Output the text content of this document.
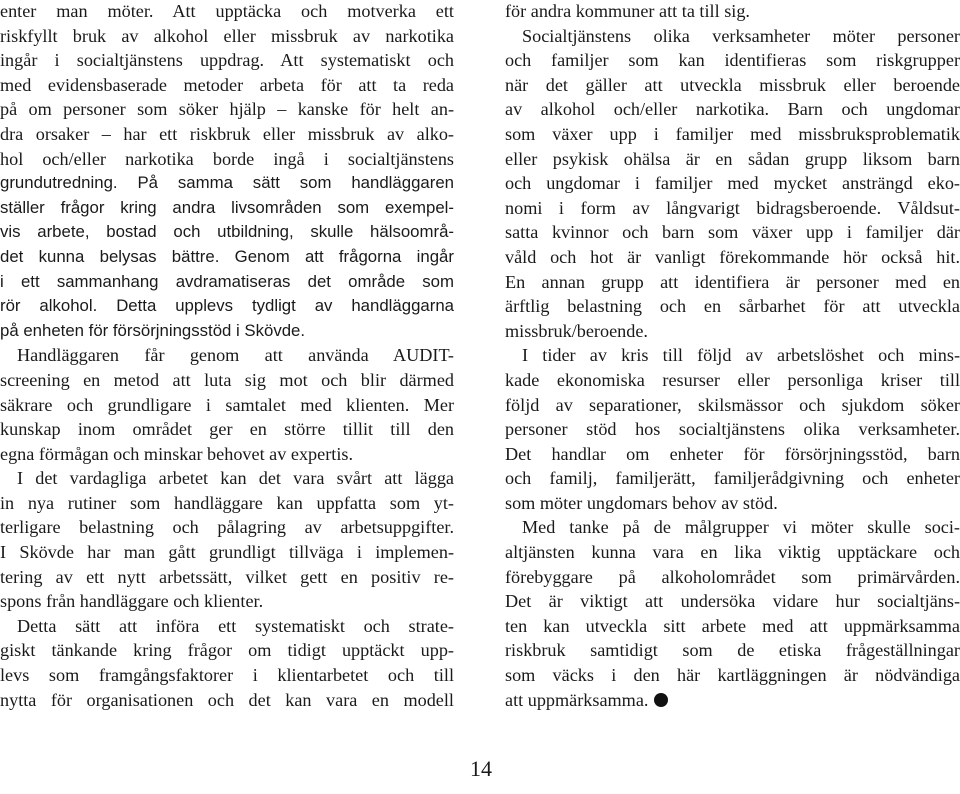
enter man möter. Att upptäcka och motverka ett
riskfyllt bruk av alkohol eller missbruk av narkotika
ingår i socialtjänstens uppdrag. Att systematiskt och
med evidensbaserade metoder arbeta för att ta reda
på om personer som söker hjälp – kanske för helt an-
dra orsaker – har ett riskbruk eller missbruk av alko-
hol och/eller narkotika borde ingå i socialtjänstens
grundutredning. På samma sätt som handläggaren
ställer frågor kring andra livsområden som exempel-
vis arbete, bostad och utbildning, skulle hälsoområ-
det kunna belysas bättre. Genom att frågorna ingår
i ett sammanhang avdramatiseras det område som
rör alkohol. Detta upplevs tydligt av handläggarna
på enheten för försörjningsstöd i Skövde.
Handläggaren får genom att använda AUDIT-
screening en metod att luta sig mot och blir därmed
säkrare och grundligare i samtalet med klienten. Mer
kunskap inom området ger en större tillit till den
egna förmågan och minskar behovet av expertis.
I det vardagliga arbetet kan det vara svårt att lägga
in nya rutiner som handläggare kan uppfatta som yt-
terligare belastning och pålagring av arbetsuppgifter.
I Skövde har man gått grundligt tillväga i implemen-
tering av ett nytt arbetssätt, vilket gett en positiv re-
spons från handläggare och klienter.
Detta sätt att införa ett systematiskt och strate-
giskt tänkande kring frågor om tidigt upptäckt upp-
levs som framgångsfaktorer i klientarbetet och till
nytta för organisationen och det kan vara en modell
för andra kommuner att ta till sig.
Socialtjänstens olika verksamheter möter personer
och familjer som kan identifieras som riskgrupper
när det gäller att utveckla missbruk eller beroende
av alkohol och/eller narkotika. Barn och ungdomar
som växer upp i familjer med missbruksproblematik
eller psykisk ohälsa är en sådan grupp liksom barn
och ungdomar i familjer med mycket ansträngd eko-
nomi i form av långvarigt bidragsberoende. Våldsut-
satta kvinnor och barn som växer upp i familjer där
våld och hot är vanligt förekommande hör också hit.
En annan grupp att identifiera är personer med en
ärftlig belastning och en sårbarhet för att utveckla
missbruk/beroende.
I tider av kris till följd av arbetslöshet och mins-
kade ekonomiska resurser eller personliga kriser till
följd av separationer, skilsmässor och sjukdom söker
personer stöd hos socialtjänstens olika verksamheter.
Det handlar om enheter för försörjningsstöd, barn
och familj, familjerätt, familjerådgivning och enheter
som möter ungdomars behov av stöd.
Med tanke på de målgrupper vi möter skulle soci-
altjänsten kunna vara en lika viktig upptäckare och
förebyggare på alkoholområdet som primärvården.
Det är viktigt att undersöka vidare hur socialtjäns-
ten kan utveckla sitt arbete med att uppmärksamma
riskbruk samtidigt som de etiska frågeställningar
som väcks i den här kartläggningen är nödvändiga
att uppmärksamma.
14
